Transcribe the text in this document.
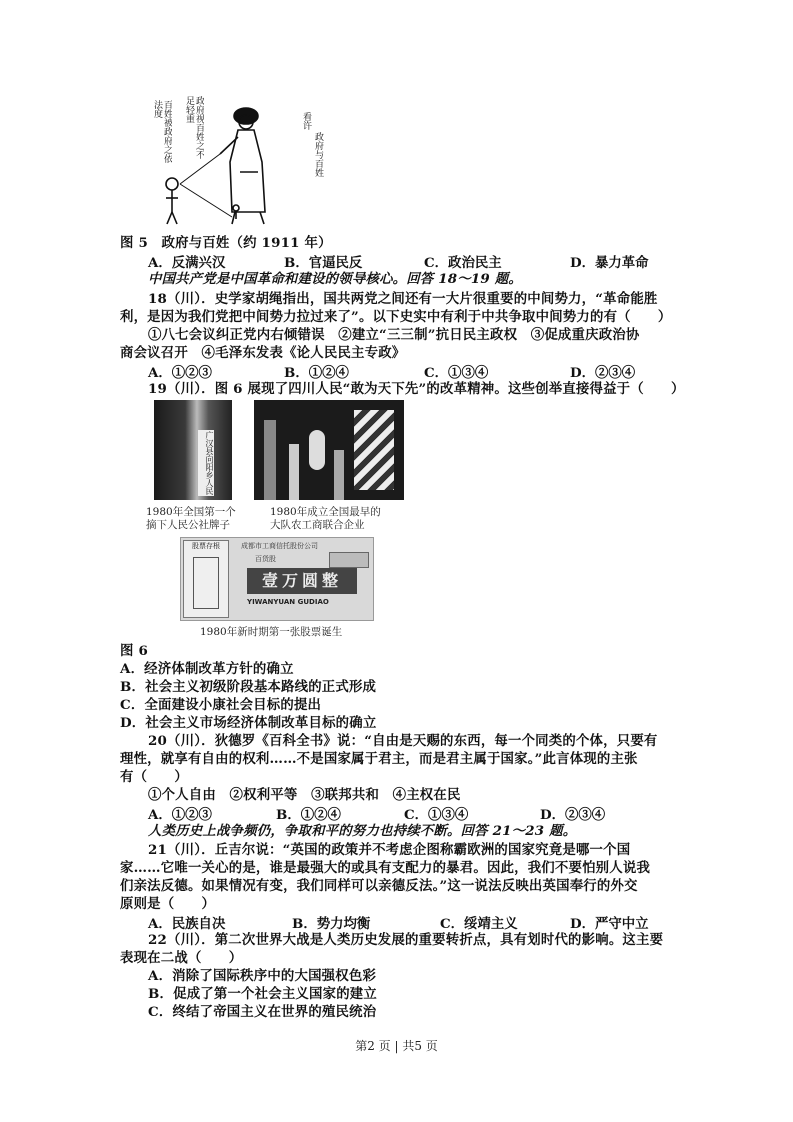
百姓被政府之依法度	政府视百姓之不足轻重	看许
政府与百姓
图 5　政府与百姓（约 1911 年）
A．反满兴汉	B．官逼民反	C．政治民主	D．暴力革命
中国共产党是中国革命和建设的领导核心。回答 18～19 题。
18（川）．史学家胡绳指出，国共两党之间还有一大片很重要的中间势力，“革命能胜
利，是因为我们党把中间势力拉过来了”。以下史实中有利于中共争取中间势力的有（　　）
①八七会议纠正党内右倾错误　②建立“三三制”抗日民主政权　③促成重庆政治协
商会议召开　④毛泽东发表《论人民民主专政》
A．①②③	B．①②④	C．①③④	D．②③④
19（川）．图 6 展现了四川人民“敢为天下先”的改革精神。这些创举直接得益于（　　）
广汉县向阳乡人民
1980年全国第一个
摘下人民公社牌子
1980年成立全国最早的
大队农工商联合企业
股票存根	成都市工商信托股份公司
百货股
壹万圆整
YIWANYUAN GUDIAO
1980年新时期第一张股票诞生
图 6
A．经济体制改革方针的确立
B．社会主义初级阶段基本路线的正式形成
C．全面建设小康社会目标的提出
D．社会主义市场经济体制改革目标的确立
20（川）．狄德罗《百科全书》说：“自由是天赐的东西，每一个同类的个体，只要有
理性，就享有自由的权利……不是国家属于君主，而是君主属于国家。”此言体现的主张
有（　　）
①个人自由　②权利平等　③联邦共和　④主权在民
A．①②③	B．①②④	C．①③④	D．②③④
人类历史上战争频仍，争取和平的努力也持续不断。回答 21～23 题。
21（川）．丘吉尔说：“英国的政策并不考虑企图称霸欧洲的国家究竟是哪一个国
家……它唯一关心的是，谁是最强大的或具有支配力的暴君。因此，我们不要怕别人说我
们亲法反德。如果情况有变，我们同样可以亲德反法。”这一说法反映出英国奉行的外交
原则是（　　）
A．民族自决	B．势力均衡	C．绥靖主义	D．严守中立
22（川）．第二次世界大战是人类历史发展的重要转折点，具有划时代的影响。这主要
表现在二战（　　）
A．消除了国际秩序中的大国强权色彩
B．促成了第一个社会主义国家的建立
C．终结了帝国主义在世界的殖民统治
第2 页 | 共5 页
